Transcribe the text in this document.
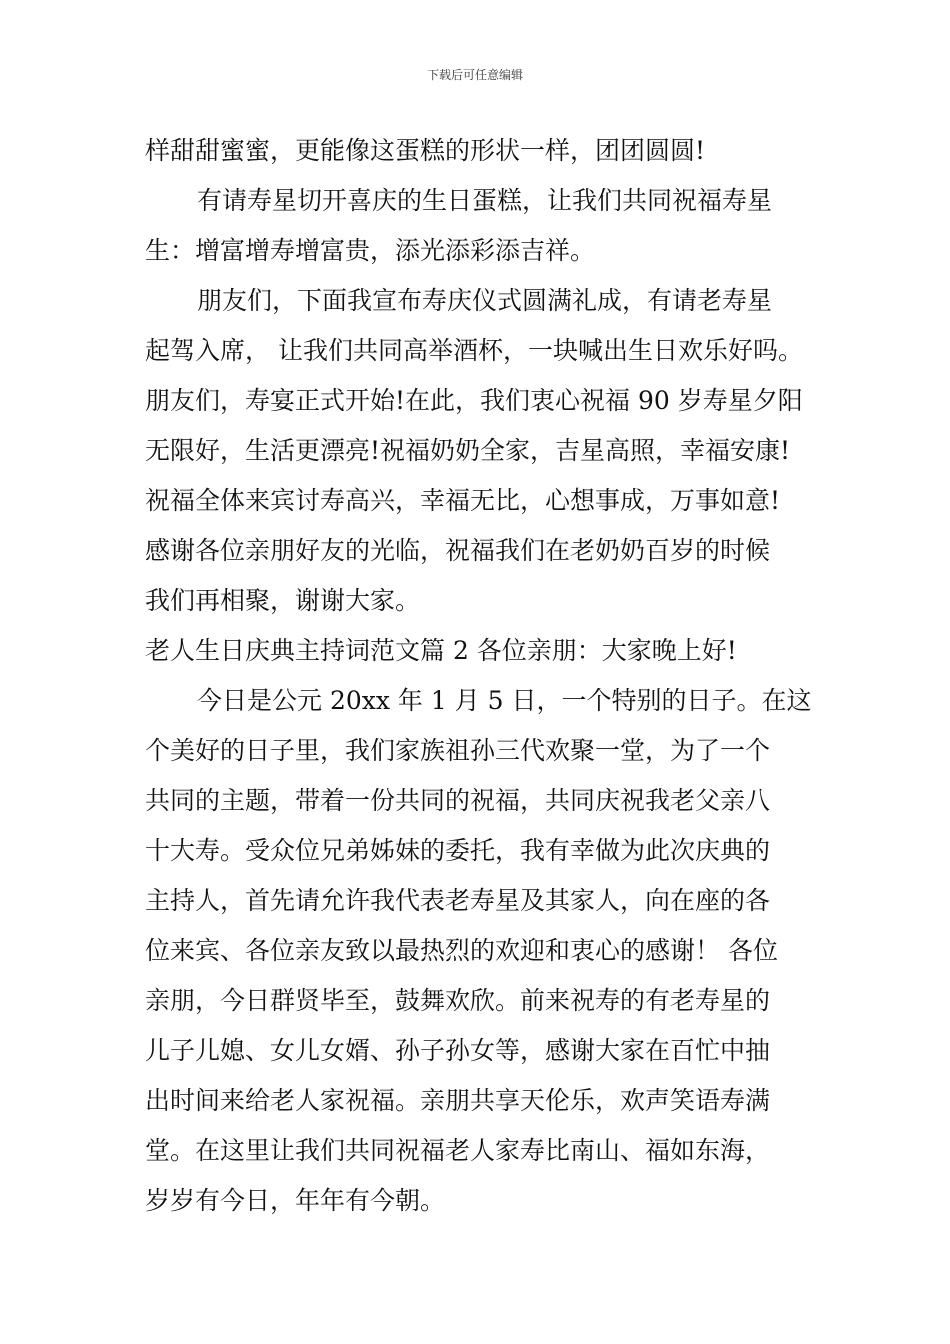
下载后可任意编辑

样甜甜蜜蜜，更能像这蛋糕的形状一样，团团圆圆!

有请寿星切开喜庆的生日蛋糕，让我们共同祝福寿星

生：增富增寿增富贵，添光添彩添吉祥。

朋友们，下面我宣布寿庆仪式圆满礼成，有请老寿星

起驾入席， 让我们共同高举酒杯，一块喊出生日欢乐好吗。

朋友们，寿宴正式开始!在此，我们衷心祝福 90 岁寿星夕阳

无限好，生活更漂亮!祝福奶奶全家，吉星高照，幸福安康!

祝福全体来宾讨寿高兴，幸福无比，心想事成，万事如意!

感谢各位亲朋好友的光临，祝福我们在老奶奶百岁的时候

我们再相聚，谢谢大家。

老人生日庆典主持词范文篇 2 各位亲朋：大家晚上好!

今日是公元 20xx 年 1 月 5 日，一个特别的日子。在这

个美好的日子里，我们家族祖孙三代欢聚一堂，为了一个

共同的主题，带着一份共同的祝福，共同庆祝我老父亲八

十大寿。受众位兄弟姊妹的委托，我有幸做为此次庆典的

主持人，首先请允许我代表老寿星及其家人，向在座的各

位来宾、各位亲友致以最热烈的欢迎和衷心的感谢！ 各位

亲朋，今日群贤毕至，鼓舞欢欣。前来祝寿的有老寿星的

儿子儿媳、女儿女婿、孙子孙女等，感谢大家在百忙中抽

出时间来给老人家祝福。亲朋共享天伦乐，欢声笑语寿满

堂。在这里让我们共同祝福老人家寿比南山、福如东海，

岁岁有今日，年年有今朝。
